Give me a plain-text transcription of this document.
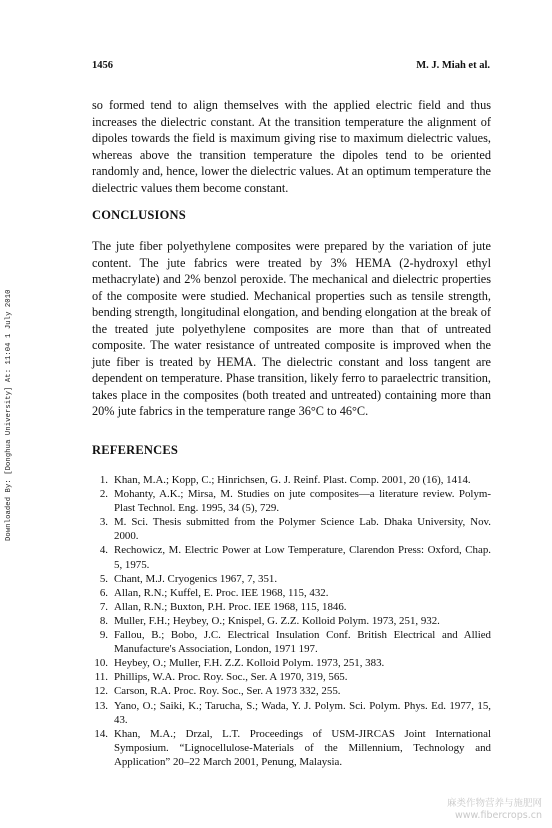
Downloaded By: [Donghua University] At: 11:04 1 July 2010
1456	M. J. Miah et al.

so formed tend to align themselves with the applied electric field and thus increases the dielectric constant. At the transition temperature the alignment of dipoles towards the field is maximum giving rise to maximum dielectric values, whereas above the transition temperature the dipoles tend to be oriented randomly and, hence, lower the dielectric values. At an optimum temperature the dielectric values them become constant.

CONCLUSIONS

The jute fiber polyethylene composites were prepared by the variation of jute content. The jute fabrics were treated by 3% HEMA (2-hydroxyl ethyl methacrylate) and 2% benzol peroxide. The mechanical and dielectric properties of the composite were studied. Mechanical properties such as tensile strength, bending strength, longitudinal elongation, and bending elongation at the break of the treated jute polyethylene composites are more than that of untreated composite. The water resistance of untreated composite is improved when the jute fiber is treated by HEMA. The dielectric constant and loss tangent are dependent on temperature. Phase transition, likely ferro to paraelectric transition, takes place in the composites (both treated and untreated) containing more than 20% jute fabrics in the temperature range 36°C to 46°C.

REFERENCES
1. Khan, M.A.; Kopp, C.; Hinrichsen, G. J. Reinf. Plast. Comp. 2001, 20 (16), 1414.
2. Mohanty, A.K.; Mirsa, M. Studies on jute composites—a literature review. Polym-Plast Technol. Eng. 1995, 34 (5), 729.
3. M. Sci. Thesis submitted from the Polymer Science Lab. Dhaka University, Nov. 2000.
4. Rechowicz, M. Electric Power at Low Temperature, Clarendon Press: Oxford, Chap. 5, 1975.
5. Chant, M.J. Cryogenics 1967, 7, 351.
6. Allan, R.N.; Kuffel, E. Proc. IEE 1968, 115, 432.
7. Allan, R.N.; Buxton, P.H. Proc. IEE 1968, 115, 1846.
8. Muller, F.H.; Heybey, O.; Knispel, G. Z.Z. Kolloid Polym. 1973, 251, 932.
9. Fallou, B.; Bobo, J.C. Electrical Insulation Conf. British Electrical and Allied Manufacture's Association, London, 1971 197.
10. Heybey, O.; Muller, F.H. Z.Z. Kolloid Polym. 1973, 251, 383.
11. Phillips, W.A. Proc. Roy. Soc., Ser. A 1970, 319, 565.
12. Carson, R.A. Proc. Roy. Soc., Ser. A 1973 332, 255.
13. Yano, O.; Saiki, K.; Tarucha, S.; Wada, Y. J. Polym. Sci. Polym. Phys. Ed. 1977, 15, 43.
14. Khan, M.A.; Drzal, L.T. Proceedings of USM-JIRCAS Joint International Symposium. “Lignocellulose-Materials of the Millennium, Technology and Application” 20–22 March 2001, Penung, Malaysia.
麻类作物营养与施肥网
www.fibercrops.cn
